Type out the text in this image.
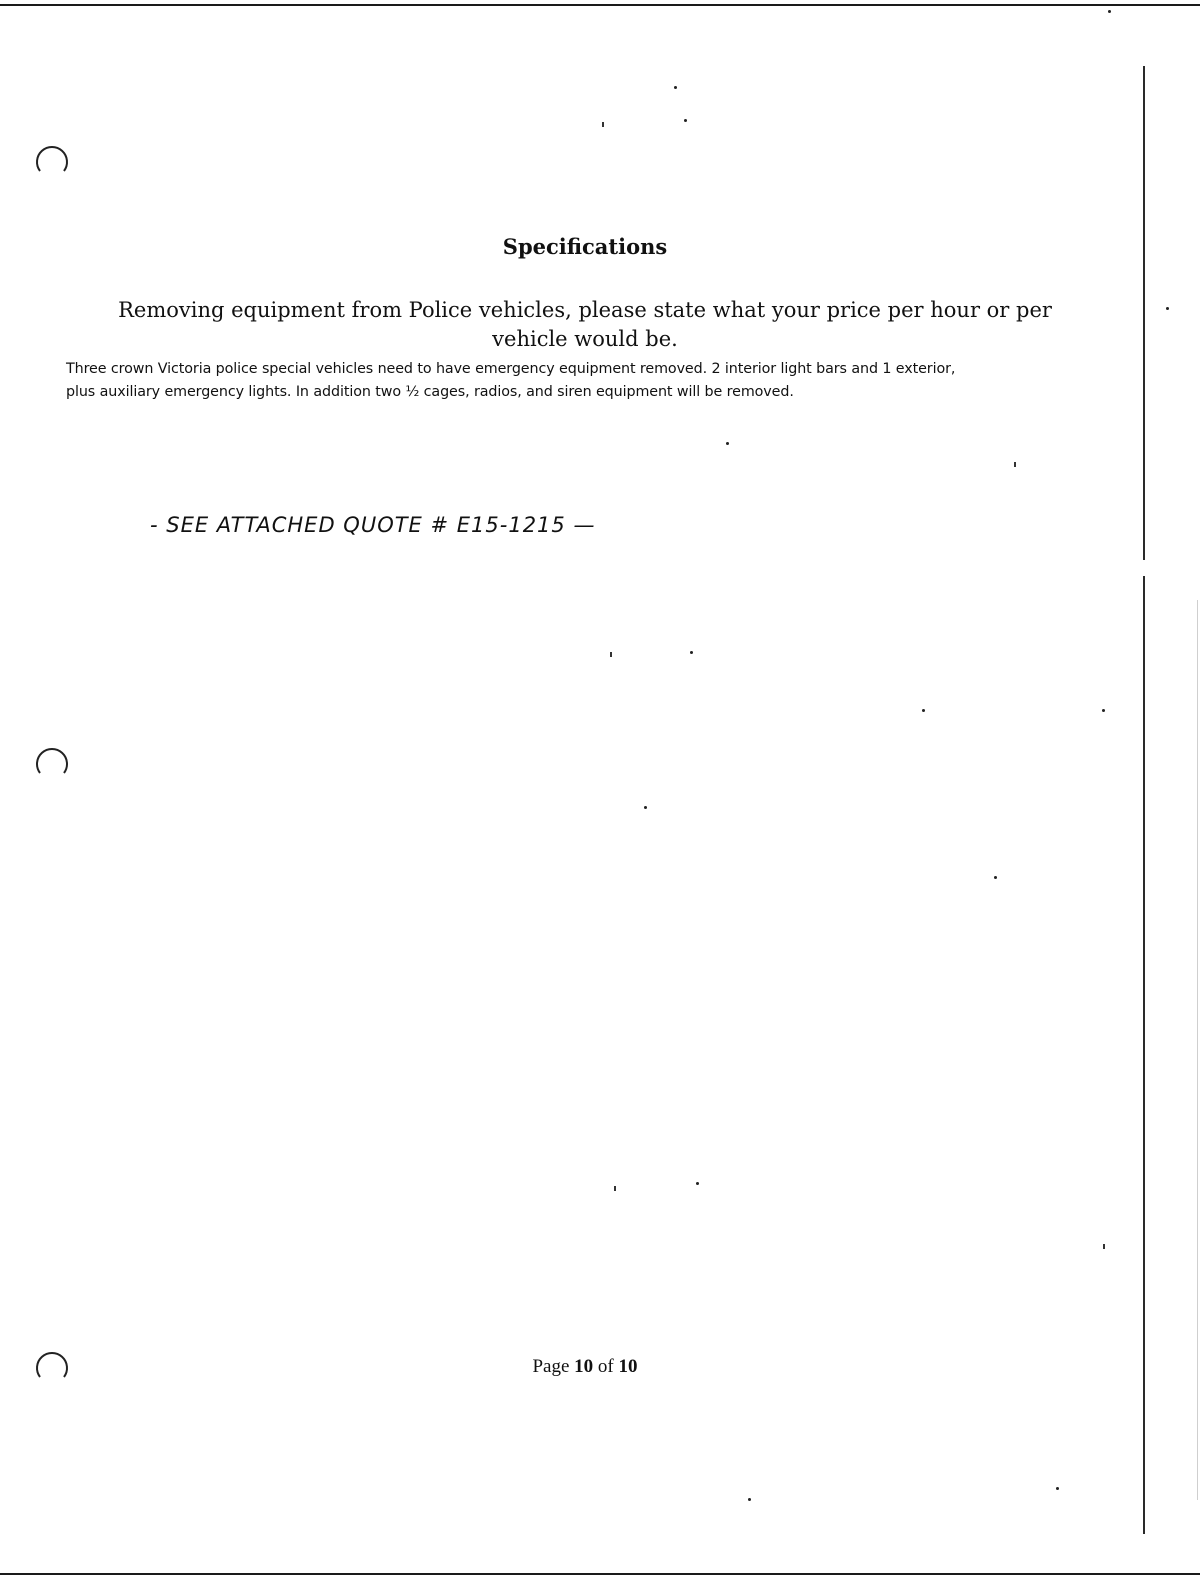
Specifications

Removing equipment from Police vehicles, please state what your price per hour or per vehicle would be.

Three crown Victoria police special vehicles need to have emergency equipment removed. 2 interior light bars and 1 exterior,
plus auxiliary emergency lights. In addition two ½ cages, radios, and siren equipment will be removed.
- SEE ATTACHED QUOTE # E15-1215 —

Page 10 of 10
